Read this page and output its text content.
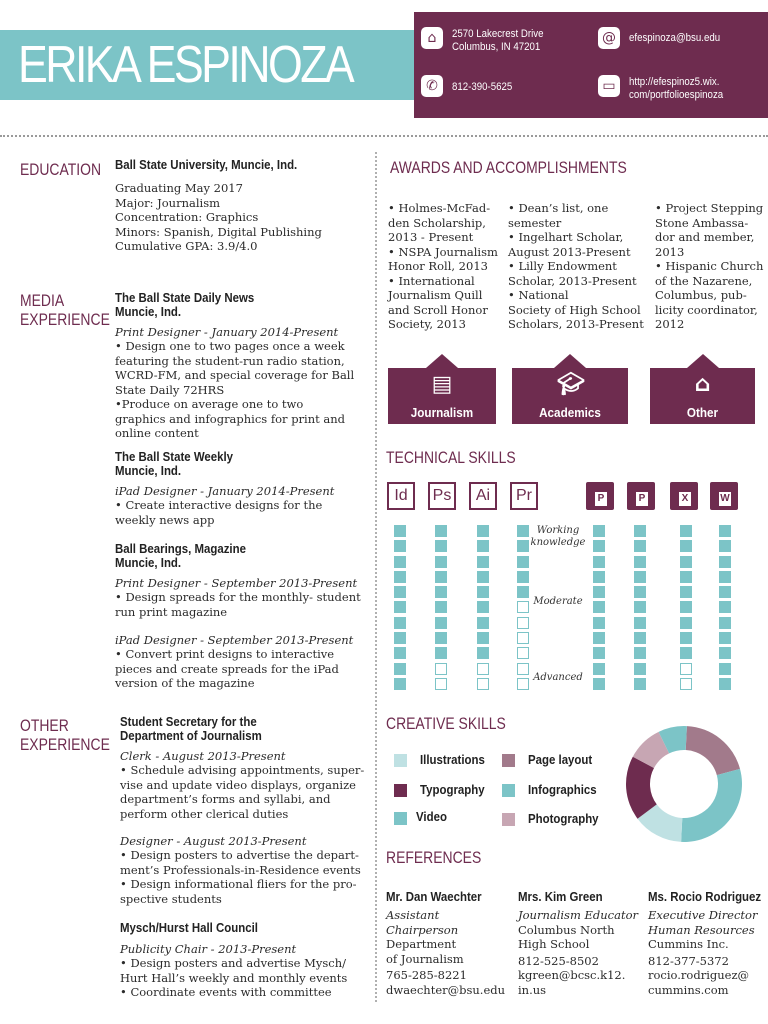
ERIKA ESPINOZA	⌂	2570 Lakecrest Drive
Columbus, IN 47201
@	efespinoza@bsu.edu
✆	812-390-5625	▭	http://efespinoz5.wix.
com/portfolioespinoza
EDUCATION Ball State University, Muncie, Ind.
Graduating May 2017
Major: Journalism
Concentration: Graphics
Minors: Spanish, Digital Publishing
Cumulative GPA: 3.9/4.0
MEDIA
EXPERIENCE
The Ball State Daily News
Muncie, Ind.
Print Designer - January 2014-Present
• Design one to two pages once a week
featuring the student-run radio station,
WCRD-FM, and special coverage for Ball
State Daily 72HRS
•Produce on average one to two
graphics and infographics for print and
online content
The Ball State Weekly
Muncie, Ind.
iPad Designer - January 2014-Present
• Create interactive designs for the
weekly news app
Ball Bearings, Magazine
Muncie, Ind.
Print Designer - September 2013-Present
• Design spreads for the monthly- student
run print magazine
iPad Designer - September 2013-Present
• Convert print designs to interactive
pieces and create spreads for the iPad
version of the magazine
OTHER
EXPERIENCE
Student Secretary for the
Department of Journalism
Clerk - August 2013-Present
• Schedule advising appointments, super-
vise and update video displays, organize
department’s forms and syllabi, and
perform other clerical duties
Designer - August 2013-Present
• Design posters to advertise the depart-
ment’s Professionals-in-Residence events
• Design informational fliers for the pro-
spective students
Mysch/Hurst Hall Council
Publicity Chair - 2013-Present
• Design posters and advertise Mysch/
Hurt Hall’s weekly and monthly events
• Coordinate events with committee
AWARDS AND ACCOMPLISHMENTS
• Holmes-McFad-
den Scholarship,
2013 - Present
• NSPA Journalism
Honor Roll, 2013
• International
Journalism Quill
and Scroll Honor
Society, 2013
• Dean’s list, one
semester
• Ingelhart Scholar,
August 2013-Present
• Lilly Endowment
Scholar, 2013-Present
• National
Society of High School
Scholars, 2013-Present
• Project Stepping
Stone Ambassa-
dor and member,
2013
• Hispanic Church
of the Nazarene,
Columbus, pub-
licity coordinator,
2012
▤
Journalism
🎓︎
Academics
⌂
Other
TECHNICAL SKILLS
Id	Ps	Ai	Pr	P	P	X	W
Working knowledge
Moderate
Advanced
CREATIVE SKILLS
Illustrations	Page layout
Typography	Infographics
Video	Photography
REFERENCES
Mr. Dan Waechter
Assistant
Chairperson
Department
of Journalism
765-285-8221
dwaechter@bsu.edu
Mrs. Kim Green
Journalism Educator
Columbus North
High School
812-525-8502
kgreen@bcsc.k12.
in.us
Ms. Rocio Rodriguez
Executive Director
Human Resources
Cummins Inc.
812-377-5372
rocio.rodriguez@
cummins.com
